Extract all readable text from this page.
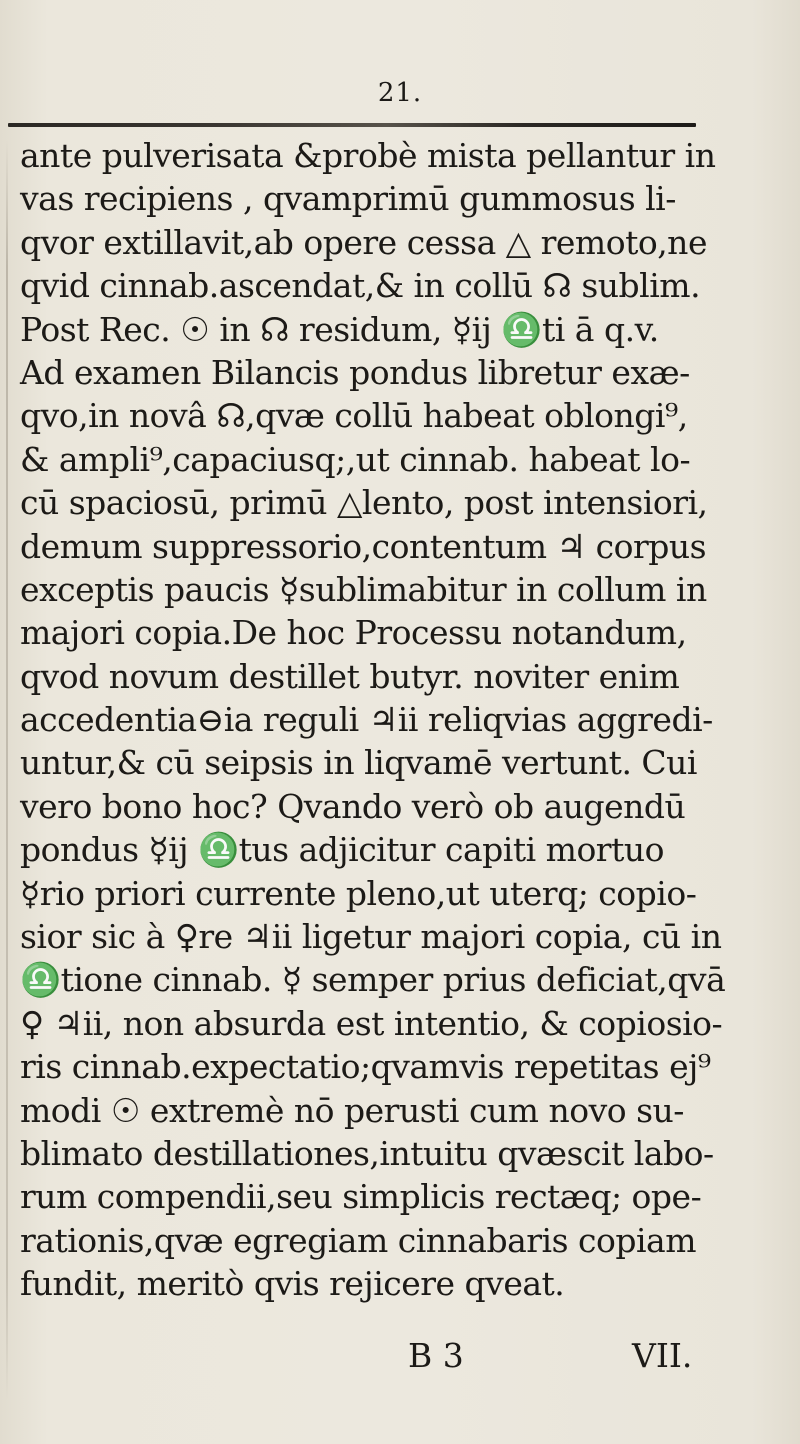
21.
ante pulverisata &probè mista pellantur in
vas recipiens , qvamprimū gummosus li-
qvor extillavit,ab opere cessa △ remoto,ne
qvid cinnab.ascendat,& in collū ☊ sublim.
Post Rec. ☉ in ☊ residum, ☿ij ♎ti ā q.v.
Ad examen Bilancis pondus libretur exæ-
qvo,in novâ ☊,qvæ collū habeat oblongi⁹,
& ampli⁹,capaciusq;,ut cinnab. habeat lo-
cū spaciosū, primū △lento, post intensiori,
demum suppressorio,contentum ♃ corpus
exceptis paucis ☿sublimabitur in collum in
majori copia.De hoc Processu notandum,
qvod novum destillet butyr. noviter enim
accedentia⊖ia reguli ♃ii reliqvias aggredi-
untur,& cū seipsis in liqvamē vertunt. Cui
vero bono hoc? Qvando verò ob augendū
pondus ☿ij ♎tus adjicitur capiti mortuo
☿rio priori currente pleno,ut uterq; copio-
sior sic à ♀re ♃ii ligetur majori copia, cū in
♎tione cinnab. ☿ semper prius deficiat,qvā
♀ ♃ii, non absurda est intentio, & copiosio-
ris cinnab.expectatio;qvamvis repetitas ej⁹
modi ☉ extremè nō perusti cum novo su-
blimato destillationes,intuitu qvæscit labo-
rum compendii,seu simplicis rectæq; ope-
rationis,qvæ egregiam cinnabaris copiam
fundit, meritò qvis rejicere qveat.
B 3	VII.
